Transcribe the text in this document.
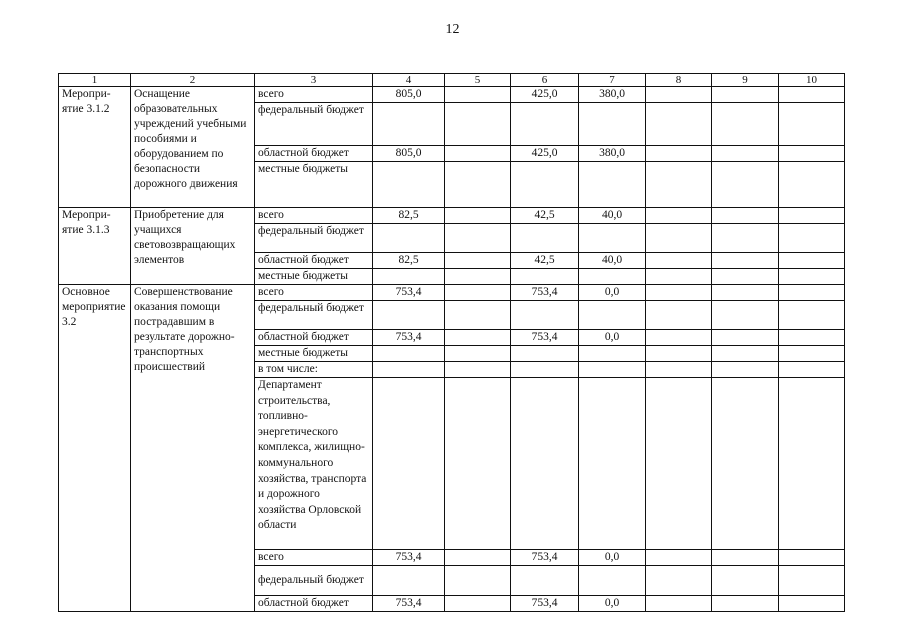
12
1	2	3	4	5	6	7	8	9	10
Меропри-ятие 3.1.2	Оснащение образовательных учреждений учебными пособиями и оборудованием по безопасности дорожного движения	всего	805,0		425,0	380,0			
		федеральный бюджет							
		областной бюджет	805,0		425,0	380,0			
		местные бюджеты							
Меропри-ятие 3.1.3	Приобретение для учащихся световозвращающих элементов	всего	82,5		42,5	40,0			
		федеральный бюджет							
		областной бюджет	82,5		42,5	40,0			
		местные бюджеты							
Основное мероприятие 3.2	Совершенствование оказания помощи пострадавшим в результате дорожно-транспортных происшествий	всего	753,4		753,4	0,0			
		федеральный бюджет							
		областной бюджет	753,4		753,4	0,0			
		местные бюджеты							
		в том числе:							
		Департамент строительства, топливно-энергетического комплекса, жилищно-коммунального хозяйства, транспорта и дорожного хозяйства Орловской области							
		всего	753,4		753,4	0,0			
		федеральный бюджет							
		областной бюджет	753,4		753,4	0,0			
